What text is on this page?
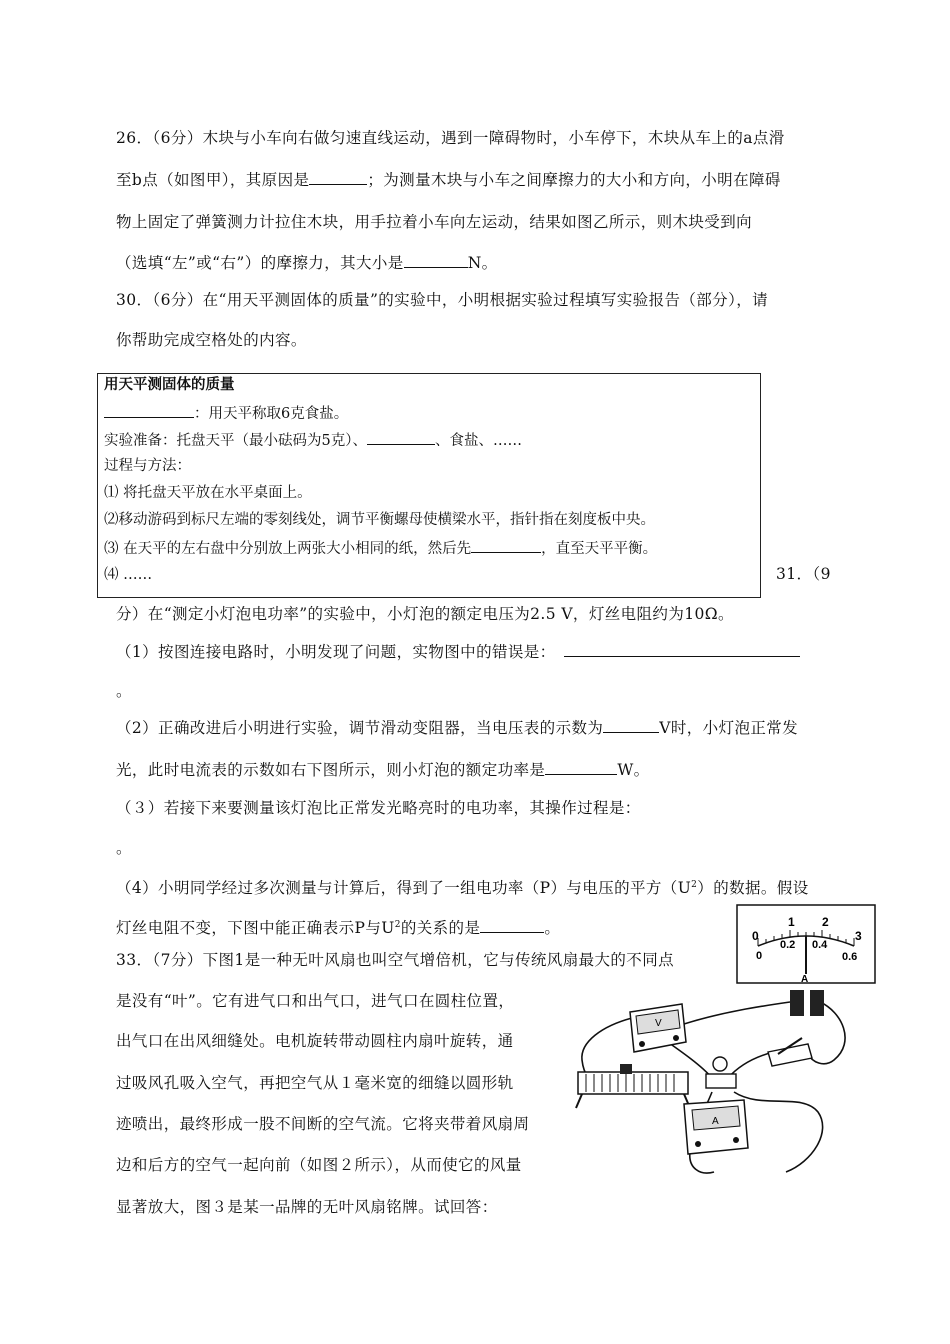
26．（6分）木块与小车向右做匀速直线运动，遇到一障碍物时，小车停下，木块从车上的a点滑
至b点（如图甲），其原因是	；为测量木块与小车之间摩擦力的大小和方向，小明在障碍
物上固定了弹簧测力计拉住木块，用手拉着小车向左运动，结果如图乙所示，则木块受到向
（选填“左”或“右”）的摩擦力，其大小是	N。
30．（6分）在“用天平测固体的质量”的实验中，小明根据实验过程填写实验报告（部分），请
你帮助完成空格处的内容。
用天平测固体的质量
：用天平称取6克食盐。
实验准备：托盘天平（最小砝码为5克）、	、食盐、……
过程与方法：
⑴ 将托盘天平放在水平桌面上。
⑵移动游码到标尺左端的零刻线处，调节平衡螺母使横梁水平，指针指在刻度板中央。
⑶ 在天平的左右盘中分别放上两张大小相同的纸，然后先	，直至天平平衡。
⑷ ……	31．（9
分）在“测定小灯泡电功率”的实验中，小灯泡的额定电压为2.5 V，灯丝电阻约为10Ω。
（1）按图连接电路时，小明发现了问题，实物图中的错误是：
。
（2）正确改进后小明进行实验，调节滑动变阻器，当电压表的示数为	V时，小灯泡正常发
光，此时电流表的示数如右下图所示，则小灯泡的额定功率是	W。
（３）若接下来要测量该灯泡比正常发光略亮时的电功率，其操作过程是：
。
（4）小明同学经过多次测量与计算后，得到了一组电功率（P）与电压的平方$(U^2)$的数据。假设
灯丝电阻不变，下图中能正确表示P与$U^2$的关系的是	。	0
1 2
3
0
0.2 0.4
0.6
A
V
A
33．（7分）下图1是一种无叶风扇也叫空气增倍机，它与传统风扇最大的不同点
是没有“叶”。它有进气口和出气口，进气口在圆柱位置，
出气口在出风细缝处。电机旋转带动圆柱内扇叶旋转，通
过吸风孔吸入空气，再把空气从１毫米宽的细缝以圆形轨
迹喷出，最终形成一股不间断的空气流。它将夹带着风扇周
边和后方的空气一起向前（如图２所示），从而使它的风量
显著放大，图３是某一品牌的无叶风扇铭牌。试回答：
